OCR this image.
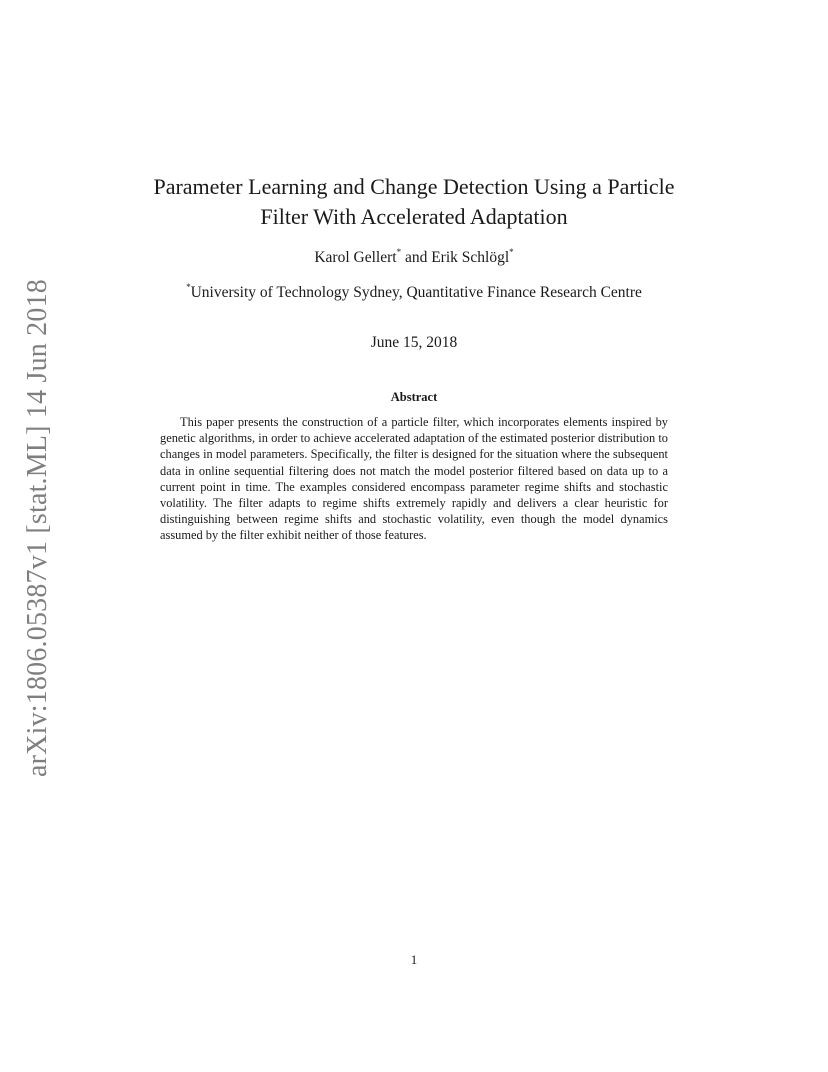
arXiv:1806.05387v1 [stat.ML] 14 Jun 2018
Parameter Learning and Change Detection Using a Particle
Filter With Accelerated Adaptation
Karol Gellert* and Erik Schlögl*
*University of Technology Sydney, Quantitative Finance Research Centre
June 15, 2018
Abstract
This paper presents the construction of a particle filter, which incorporates elements inspired by genetic algorithms, in order to achieve accelerated adaptation of the estimated posterior distribution to changes in model parameters. Specifically, the filter is designed for the situation where the subsequent data in online sequential filtering does not match the model posterior filtered based on data up to a current point in time. The examples considered encompass parameter regime shifts and stochastic volatility. The filter adapts to regime shifts extremely rapidly and delivers a clear heuristic for distinguishing between regime shifts and stochastic volatility, even though the model dynamics assumed by the filter exhibit neither of those features.
1
